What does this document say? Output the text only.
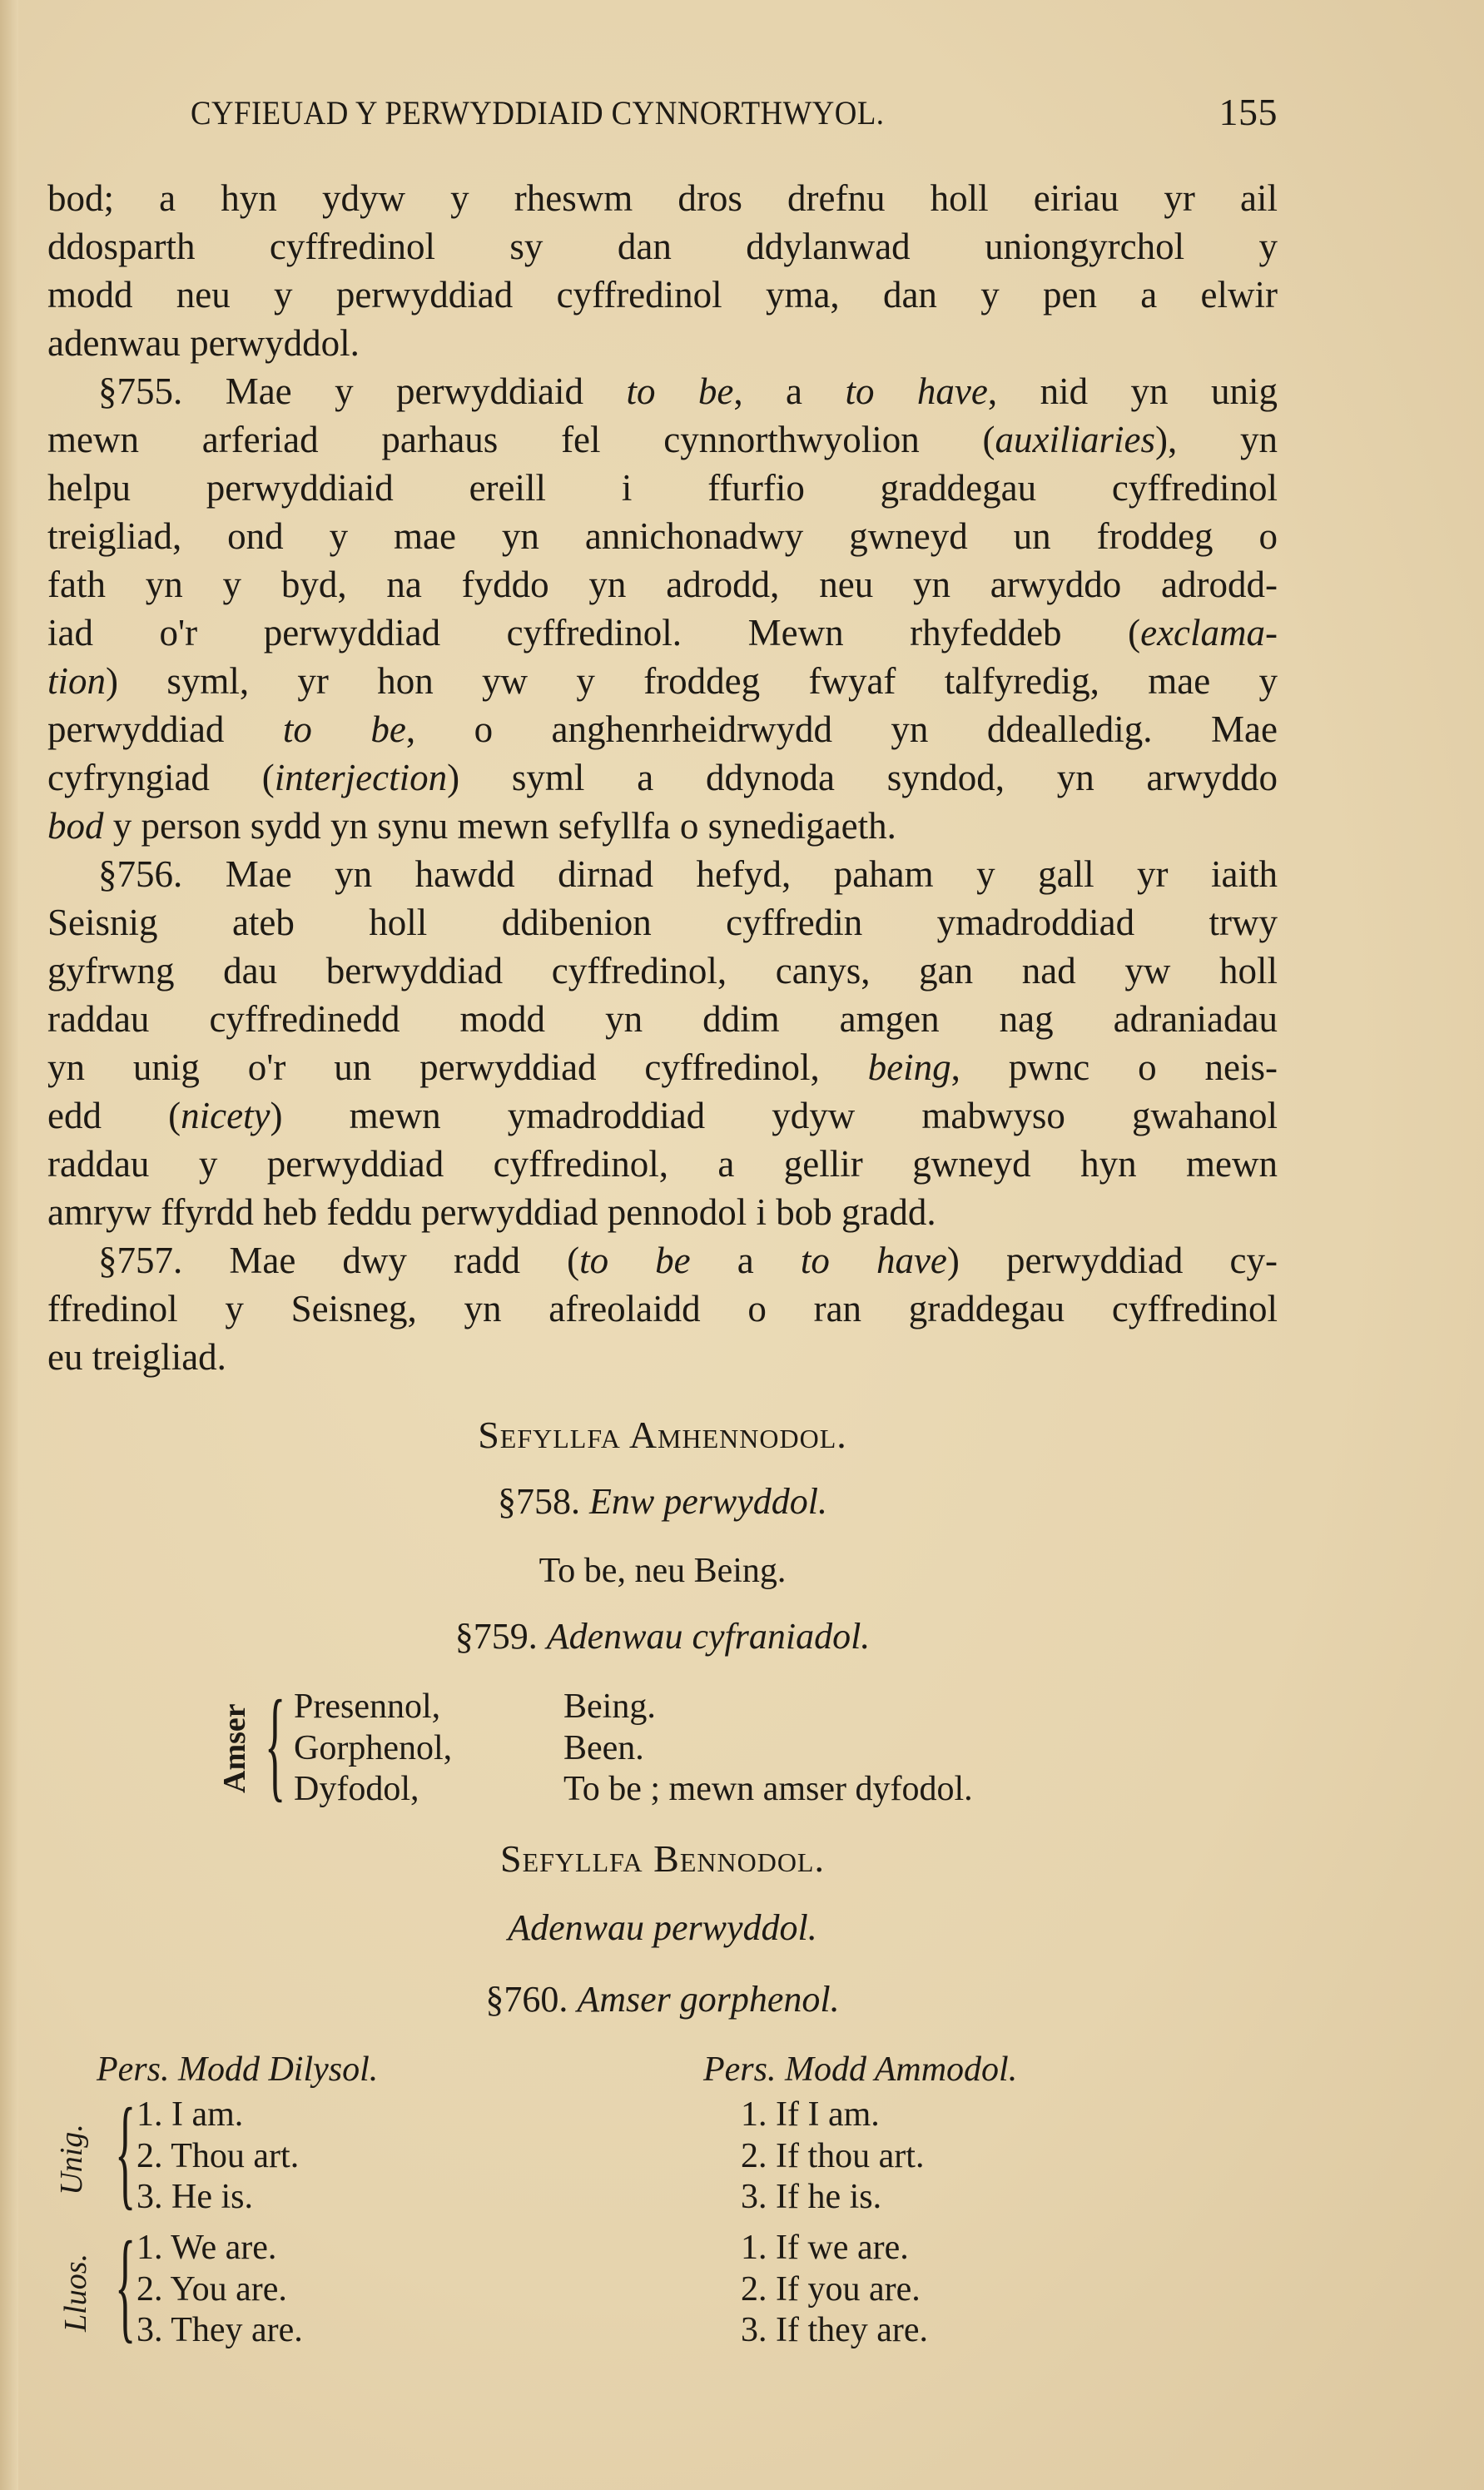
CYFIEUAD Y PERWYDDIAID CYNNORTHWYOL.	155
bod; a hyn ydyw y rheswm dros drefnu holl eiriau yr ail
ddosparth cyffredinol sy dan ddylanwad uniongyrchol y
modd neu y perwyddiad cyffredinol yma, dan y pen a elwir
adenwau perwyddol.
§755. Mae y perwyddiaid to be, a to have, nid yn unig
mewn arferiad parhaus fel cynnorthwyolion (auxiliaries), yn
helpu perwyddiaid ereill i ffurfio graddegau cyffredinol
treigliad, ond y mae yn annichonadwy gwneyd un froddeg o
fath yn y byd, na fyddo yn adrodd, neu yn arwyddo adrodd-
iad o'r perwyddiad cyffredinol. Mewn rhyfeddeb (exclama-
tion) syml, yr hon yw y froddeg fwyaf talfyredig, mae y
perwyddiad to be, o anghenrheidrwydd yn ddealledig. Mae
cyfryngiad (interjection) syml a ddynoda syndod, yn arwyddo
bod y person sydd yn synu mewn sefyllfa o synedigaeth.
§756. Mae yn hawdd dirnad hefyd, paham y gall yr iaith
Seisnig ateb holl ddibenion cyffredin ymadroddiad trwy
gyfrwng dau berwyddiad cyffredinol, canys, gan nad yw holl
raddau cyffredinedd modd yn ddim amgen nag adraniadau
yn unig o'r un perwyddiad cyffredinol, being, pwnc o neis-
edd (nicety) mewn ymadroddiad ydyw mabwyso gwahanol
raddau y perwyddiad cyffredinol, a gellir gwneyd hyn mewn
amryw ffyrdd heb feddu perwyddiad pennodol i bob gradd.
§757. Mae dwy radd (to be a to have) perwyddiad cy-
ffredinol y Seisneg, yn afreolaidd o ran graddegau cyffredinol
eu treigliad.
Sefyllfa Amhennodol.
§758. Enw perwyddol.
To be, neu Being.
§759. Adenwau cyfraniadol.
Amser { Presennol,	Being.
Gorphenol,	Been.
Dyfodol,	To be ; mewn amser dyfodol.
Sefyllfa Bennodol.
Adenwau perwyddol.
§760. Amser gorphenol.
Pers. Modd Dilysol.	Pers. Modd Ammodol.
Unig. {
Lluos. {
1. I am.	1. If I am.
2. Thou art.	2. If thou art.
3. He is.	3. If he is.
1. We are.	1. If we are.
2. You are.	2. If you are.
3. They are.	3. If they are.
